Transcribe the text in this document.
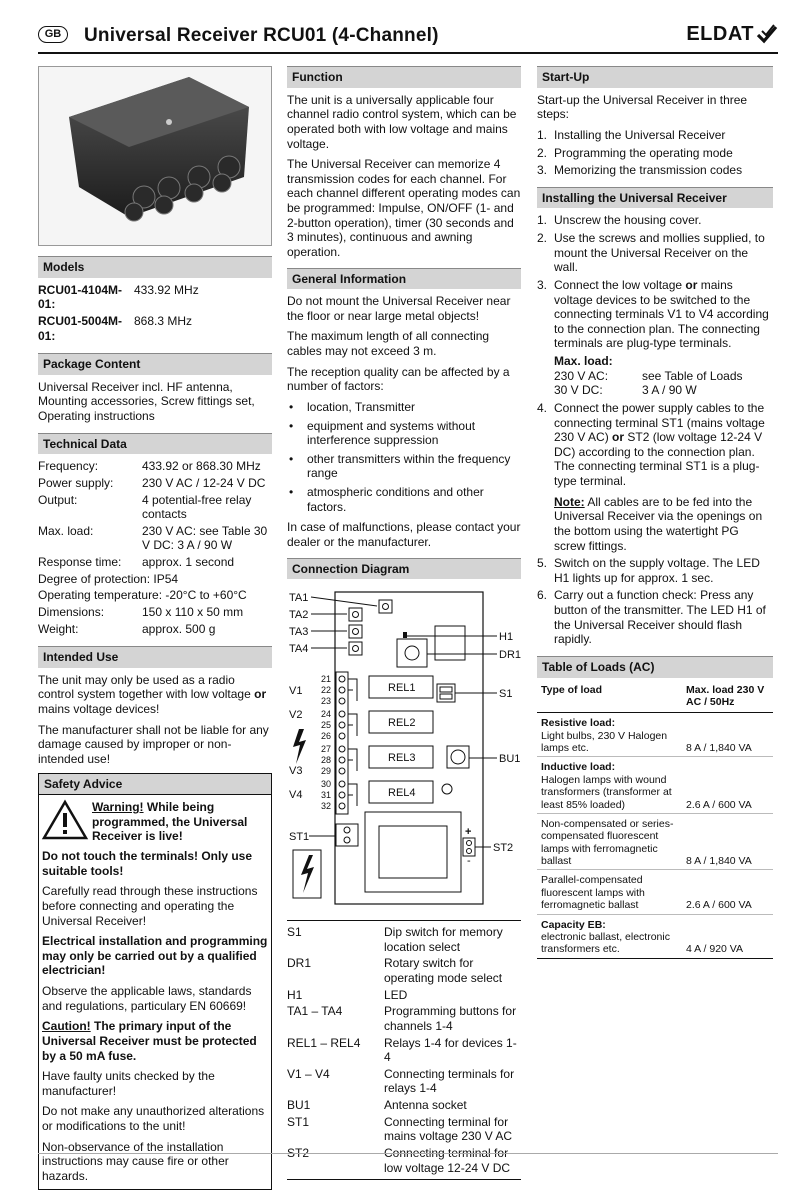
GB	Universal Receiver RCU01 (4-Channel)	ELDAT
Models
RCU01-4104M-01:	433.92 MHz
RCU01-5004M-01:	868.3 MHz
Package Content

Universal Receiver incl. HF antenna, Mounting accessories, Screw fittings set, Operating instructions

Technical Data
Frequency:	433.92 or 868.30 MHz
Power supply:	230 V AC / 12-24 V DC
Output:	4 potential-free relay contacts
Max. load:	230 V AC: see Table 30 V DC: 3 A / 90 W
Response time:	approx. 1 second
Degree of protection: IP54
Operating temperature: -20°C to +60°C
Dimensions:	150 x 110 x 50 mm
Weight:	approx. 500 g
Intended Use

The unit may only be used as a radio control system together with low voltage or mains voltage devices!

The manufacturer shall not be liable for any damage caused by improper or non-intended use!

Safety Advice
Warning! While being programmed, the Universal Receiver is live!

Do not touch the terminals! Only use suitable tools!

Carefully read through these instructions before connecting and operating the Universal Receiver!

Electrical installation and programming may only be carried out by a qualified electrician!

Observe the applicable laws, standards and regulations, particulary EN 60669!

Caution! The primary input of the Universal Receiver must be protected by a 50 mA fuse.

Have faulty units checked by the manufacturer!

Do not make any unauthorized alterations or modifications to the unit!

Non-observance of the installation instructions may cause fire or other hazards.

Function

The unit is a universally applicable four channel radio control system, which can be operated both with low voltage and mains voltage.

The Universal Receiver can memorize 4 transmission codes for each channel. For each channel different operating modes can be programmed: Impulse, ON/OFF (1- and 2-button operation), timer (30 seconds and 3 minutes), continuous and awning operation.

General Information

Do not mount the Universal Receiver near the floor or near large metal objects!

The maximum length of all connecting cables may not exceed 3 m.

The reception quality can be affected by a number of factors:

• location, Transmitter
• equipment and systems without interference suppression
• other transmitters within the frequency range
• atmospheric conditions and other factors.

In case of malfunctions, please contact your dealer or the manufacturer.

Connection Diagram
TA1
TA2
TA3
TA4
H1
DR1
21
22
23
24
25
26
27
28
29
30
31
32
V1
V2
V3
V4
REL1
REL2
REL3
REL4
S1
BU1
ST1	+
-
ST2
S1	Dip switch for memory location select
DR1	Rotary switch for operating mode select
H1	LED
TA1 – TA4	Programming buttons for channels 1-4
REL1 – REL4	Relays 1-4 for devices 1-4
V1 – V4	Connecting terminals for relays 1-4
BU1	Antenna socket
ST1	Connecting terminal for mains voltage 230 V AC
ST2	Connecting terminal for low voltage 12-24 V DC
Start-Up

Start-up the Universal Receiver in three steps:

1. Installing the Universal Receiver
2. Programming the operating mode
3. Memorizing the transmission codes
Installing the Universal Receiver
1. Unscrew the housing cover.
2. Use the screws and mollies supplied, to mount the Universal Receiver on the wall.
3. Connect the low voltage or mains voltage devices to be switched to the connecting terminals V1 to V4 according to the connection plan. The connecting terminals are plug-type terminals.
Max. load:
230 V AC:	see Table of Loads
30 V DC:	3 A / 90 W
4. Connect the power supply cables to the connecting terminal ST1 (mains voltage 230 V AC) or ST2 (low voltage 12-24 V DC) according to the connection plan. The connecting terminal ST1 is a plug-type terminal.
Note: All cables are to be fed into the Universal Receiver via the openings on the bottom using the watertight PG screw fittings.
5. Switch on the supply voltage. The LED H1 lights up for approx. 1 sec.
6. Carry out a function check: Press any button of the transmitter. The LED H1 of the Universal Receiver should flash rapidly.
Table of Loads (AC)
Type of load	Max. load 230 V AC / 50Hz

Resistive load:
Light bulbs, 230 V Halogen lamps etc.	8 A / 1,840 VA

Inductive load:
Halogen lamps with wound transformers (transformer at least 85% loaded)	2.6 A / 600 VA

Non-compensated or series-compensated fluorescent lamps with ferromagnetic ballast	8 A / 1,840 VA

Parallel-compensated fluorescent lamps with ferromagnetic ballast	2.6 A / 600 VA

Capacity EB:
electronic ballast, electronic transformers etc.	4 A / 920 VA
